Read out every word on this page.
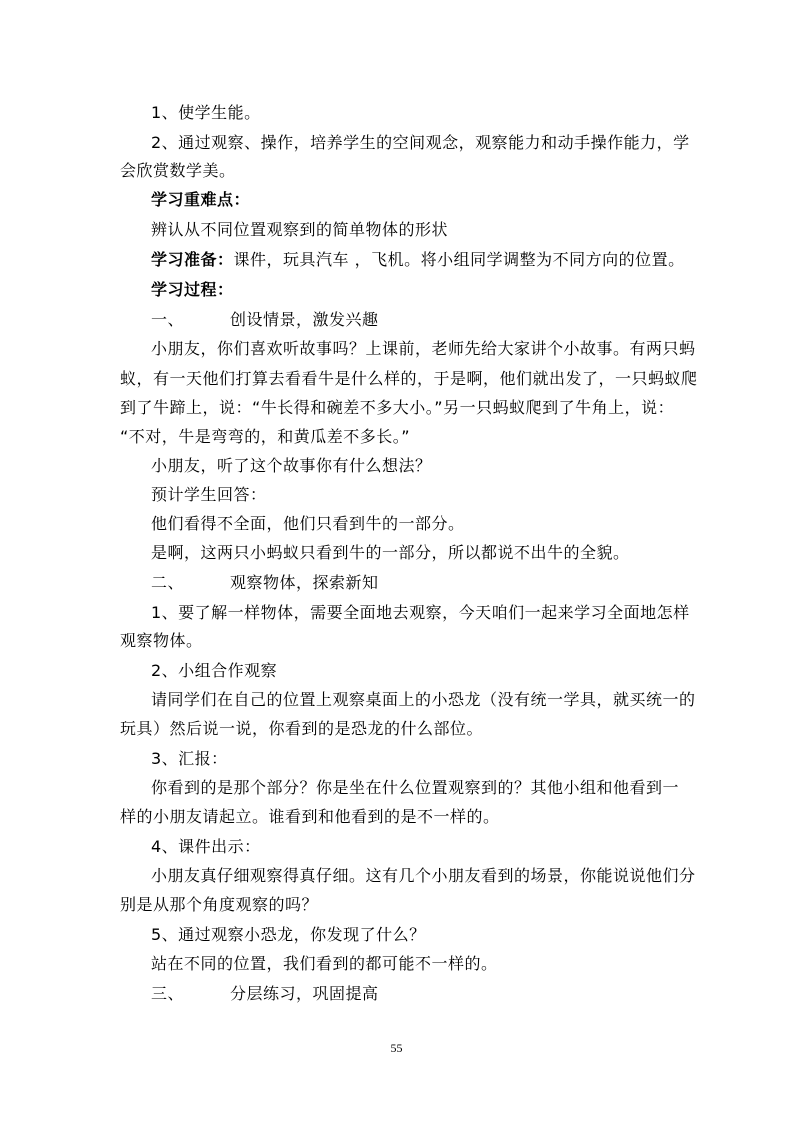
1、使学生能。
2、通过观察、操作，培养学生的空间观念，观察能力和动手操作能力，学
会欣赏数学美。
学习重难点：
辨认从不同位置观察到的简单物体的形状
学习准备：课件，玩具汽车 ，飞机。将小组同学调整为不同方向的位置。
学习过程：
一、	创设情景，激发兴趣
小朋友，你们喜欢听故事吗？上课前，老师先给大家讲个小故事。有两只蚂
蚁，有一天他们打算去看看牛是什么样的，于是啊，他们就出发了，一只蚂蚁爬
到了牛蹄上，说：“牛长得和碗差不多大小。”另一只蚂蚁爬到了牛角上，说：
“不对，牛是弯弯的，和黄瓜差不多长。”
小朋友，听了这个故事你有什么想法？
预计学生回答：
他们看得不全面，他们只看到牛的一部分。
是啊，这两只小蚂蚁只看到牛的一部分，所以都说不出牛的全貌。
二、	观察物体，探索新知
1、要了解一样物体，需要全面地去观察，今天咱们一起来学习全面地怎样
观察物体。
2、小组合作观察
请同学们在自己的位置上观察桌面上的小恐龙（没有统一学具，就买统一的
玩具）然后说一说，你看到的是恐龙的什么部位。
3、汇报：
你看到的是那个部分？你是坐在什么位置观察到的？其他小组和他看到一
样的小朋友请起立。谁看到和他看到的是不一样的。
4、课件出示：
小朋友真仔细观察得真仔细。这有几个小朋友看到的场景，你能说说他们分
别是从那个角度观察的吗？
5、通过观察小恐龙，你发现了什么？
站在不同的位置，我们看到的都可能不一样的。
三、	分层练习，巩固提高
55
